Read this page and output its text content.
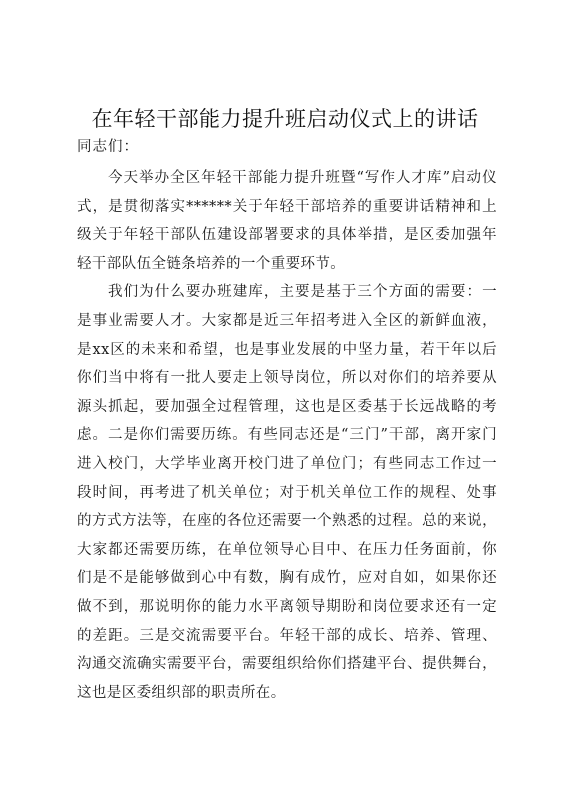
在年轻干部能力提升班启动仪式上的讲话
同志们：
今天举办全区年轻干部能力提升班暨“写作人才库”启动仪
式，是贯彻落实******关于年轻干部培养的重要讲话精神和上
级关于年轻干部队伍建设部署要求的具体举措，是区委加强年
轻干部队伍全链条培养的一个重要环节。
我们为什么要办班建库，主要是基于三个方面的需要：一
是事业需要人才。大家都是近三年招考进入全区的新鲜血液，
是xx区的未来和希望，也是事业发展的中坚力量，若干年以后
你们当中将有一批人要走上领导岗位，所以对你们的培养要从
源头抓起，要加强全过程管理，这也是区委基于长远战略的考
虑。二是你们需要历练。有些同志还是“三门”干部，离开家门
进入校门，大学毕业离开校门进了单位门；有些同志工作过一
段时间，再考进了机关单位；对于机关单位工作的规程、处事
的方式方法等，在座的各位还需要一个熟悉的过程。总的来说，
大家都还需要历练，在单位领导心目中、在压力任务面前，你
们是不是能够做到心中有数，胸有成竹，应对自如，如果你还
做不到，那说明你的能力水平离领导期盼和岗位要求还有一定
的差距。三是交流需要平台。年轻干部的成长、培养、管理、
沟通交流确实需要平台，需要组织给你们搭建平台、提供舞台，
这也是区委组织部的职责所在。
